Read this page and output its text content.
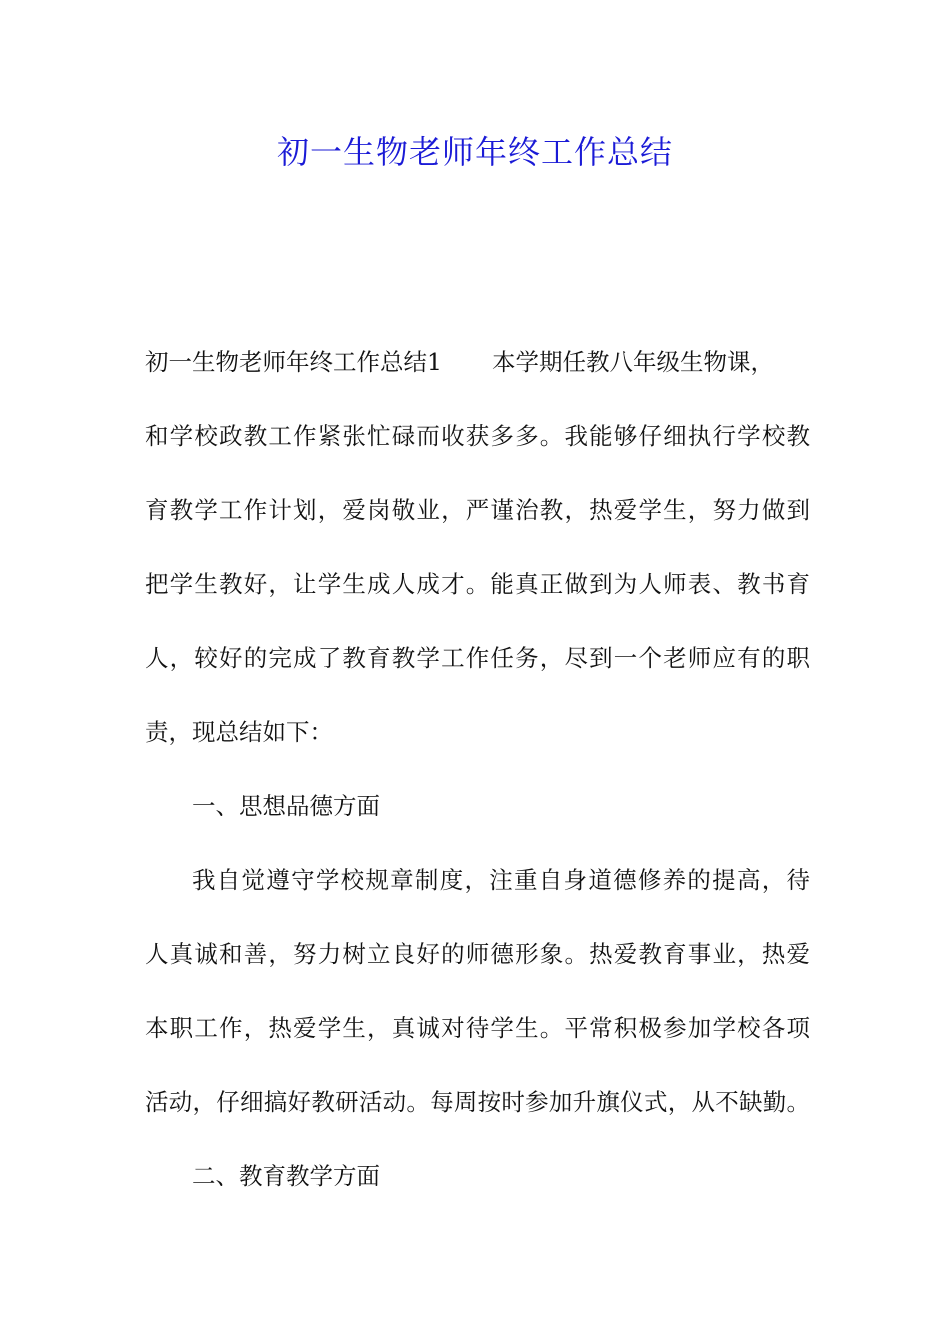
初一生物老师年终工作总结

初一生物老师年终工作总结1 本学期任教八年级生物课，

和学校政教工作紧张忙碌而收获多多。我能够仔细执行学校教

育教学工作计划，爱岗敬业，严谨治教，热爱学生，努力做到

把学生教好，让学生成人成才。能真正做到为人师表、教书育

人，较好的完成了教育教学工作任务，尽到一个老师应有的职

责，现总结如下：

一、思想品德方面

我自觉遵守学校规章制度，注重自身道德修养的提高，待

人真诚和善，努力树立良好的师德形象。热爱教育事业，热爱

本职工作，热爱学生，真诚对待学生。平常积极参加学校各项

活动，仔细搞好教研活动。每周按时参加升旗仪式，从不缺勤。

二、教育教学方面
